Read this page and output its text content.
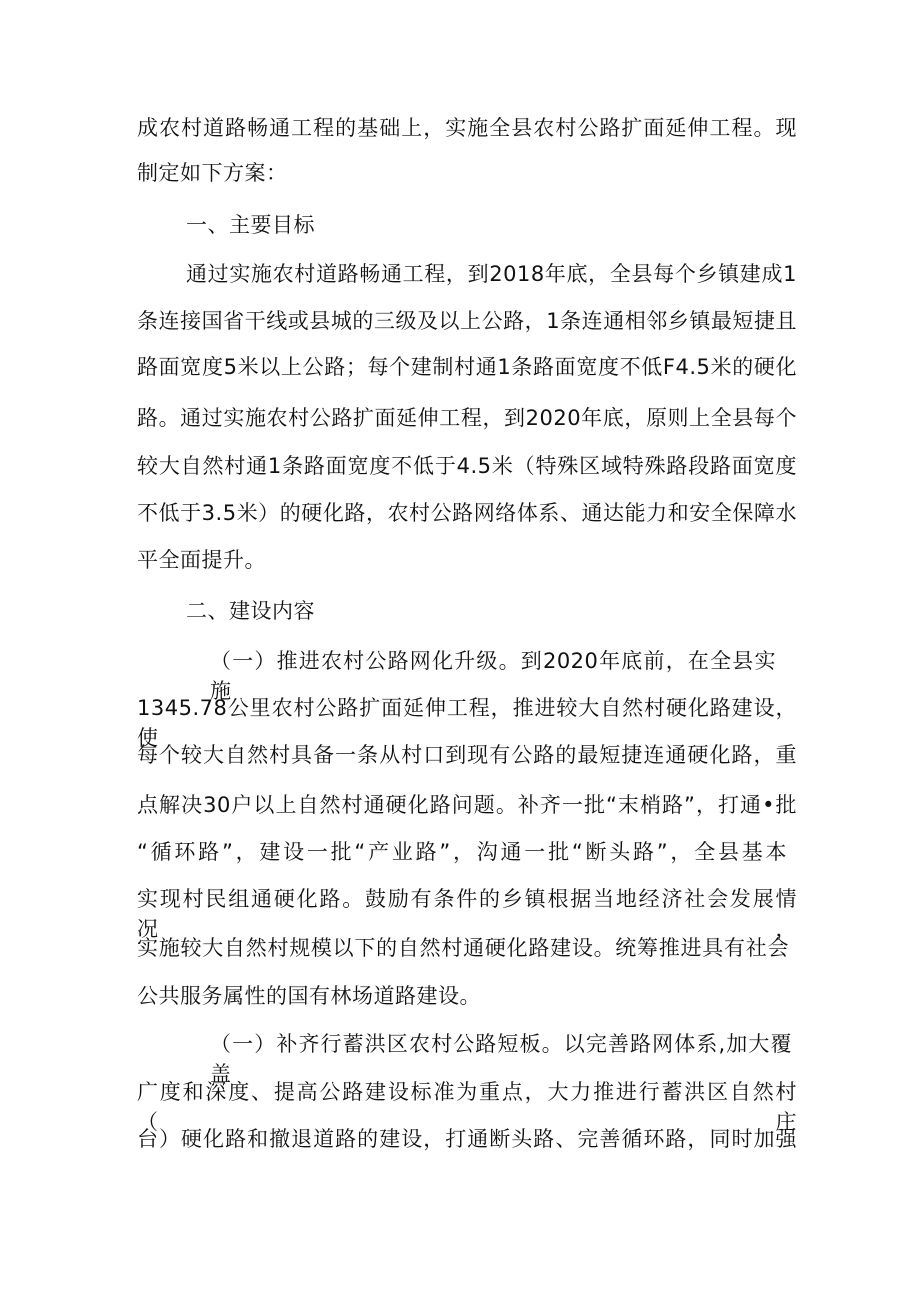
成农村道路畅通工程的基础上，实施全县农村公路扩面延伸工程。现
制定如下方案：
一、主要目标
通过实施农村道路畅通工程，到2018年底，全县每个乡镇建成1
条连接国省干线或县城的三级及以上公路，1条连通相邻乡镇最短捷且
路面宽度5米以上公路；每个建制村通1条路面宽度不低F4.5米的硬化
路。通过实施农村公路扩面延伸工程，到2020年底，原则上全县每个
较大自然村通1条路面宽度不低于4.5米（特殊区域特殊路段路面宽度
不低于3.5米）的硬化路，农村公路网络体系、通达能力和安全保障水
平全面提升。
二、建设内容
（一）推进农村公路网化升级。到2020年底前，在全县实施
1345.78公里农村公路扩面延伸工程，推进较大自然村硬化路建设，使
每个较大自然村具备一条从村口到现有公路的最短捷连通硬化路，重
点解决30户以上自然村通硬化路问题。补齐一批“末梢路”，打通•批
“循环路”，建设一批“产业路”，沟通一批“断头路”，全县基本
实现村民组通硬化路。鼓励有条件的乡镇根据当地经济社会发展情况，
实施较大自然村规模以下的自然村通硬化路建设。统筹推进具有社会
公共服务属性的国有林场道路建设。
（一）补齐行蓄洪区农村公路短板。以完善路网体系,加大覆盖
广度和深度、提高公路建设标准为重点，大力推进行蓄洪区自然村（庄
台）硬化路和撤退道路的建设，打通断头路、完善循环路，同时加强
